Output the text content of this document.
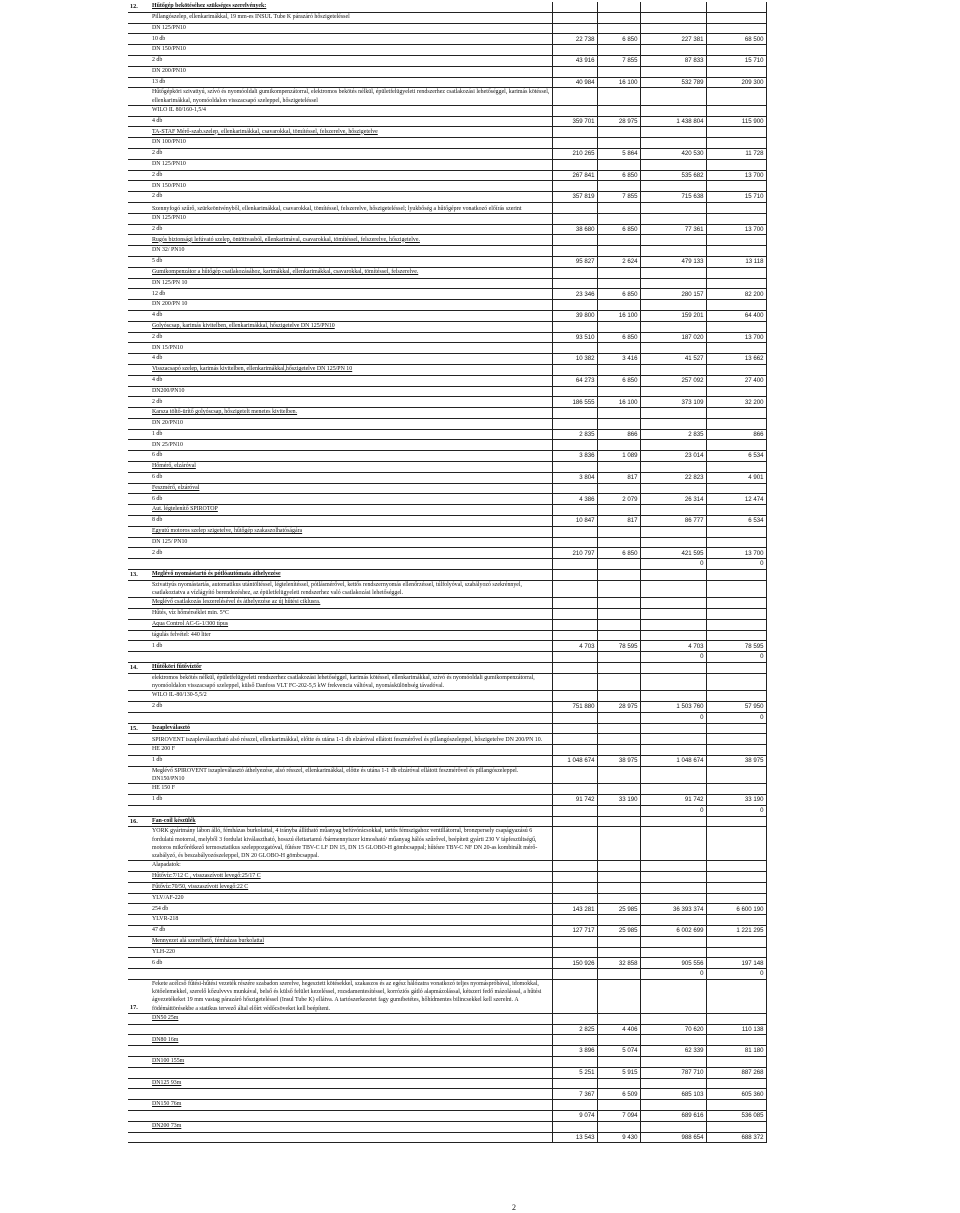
12.	Hűtőgép bekötéséhez szükséges szerelvények:				
	Pillangószelep, ellenkarimákkal, 19 mm-es INSUL Tube K párazáró hőszigeteléssel				
	DN 125/PN10				
	10 db	22 738	6 850	227 381	68 500
	DN 150/PN10				
	2 db	43 916	7 855	87 833	15 710
	DN 200/PN10				
	13 db	40 984	16 100	532 789	209 300
	Hűtőgépköri szivattyú, szívó és nyomóoldali gumikompenzátorral, elektromos bekötés nélkül, épületfelügyeleti rendszerhez csatlakozási lehetőséggel, karimás kötéssel, ellenkarimákkal, nyomóoldalon visszacsapó szeleppel, hőszigeteléssel				
	WILO IL 80/160-1,5/4				
	4 db	359 701	28 975	1 438 804	115 900
	TA-STAF Mérő-szab.szelep, ellenkarimákkal, csavarokkal, tömítéssel, felszerelve, hőszigetelve				
	DN 100/PN10				
	2 db	210 265	5 864	420 530	11 728
	DN 125/PN10				
	2 db	267 841	6 850	535 682	13 700
	DN 150/PN10				
	2 db	357 819	7 855	715 638	15 710
	Szennyfogó szűrő, szürkeöntvényből, ellenkarimákkal, csavarokkal, tömítéssel, felszerelve, hőszigeteléssel; lyukbőség a hűtőgépre vonatkozó előírás szerint				
	DN 125/PN10				
	2 db	38 680	6 850	77 361	13 700
	Rugós biztonsági lefúvató szelep, öntöttvasból, ellenkarimával, csavarokkal, tömítéssel, felszerelve, hőszigetelve.				
	DN 32/ PN10				
	5 db	95 827	2 624	479 133	13 118
	Gumikompenzátor a hűtőgép csatlakozásához, karimákkal, ellenkarimákkal, csavarokkal, tömítéssel, felszerelve.				
	DN 125/PN 10				
	12 db	23 346	6 850	280 157	82 200
	DN 200/PN 10				
	4 db	39 800	16 100	159 201	64 400
	Golyóscsap, karimás kivitelben, ellenkarimákkal, hőszigetelve DN 125/PN10				
	2 db	93 510	6 850	187 020	13 700
	DN 15/PN10				
	4 db	10 382	3 416	41 527	13 662
	Visszacsapó szelep, karimás kivitelben, ellenkarimákkal,hőszigetelve DN 125/PN 10				
	4 db	64 273	6 850	257 092	27 400
	DN200/PN10				
	2 db	186 555	16 100	373 109	32 200
	Karsza töltő-ürítő golyóscsap, hőszigetelt menetes kivitelben.				
	DN 20/PN10				
	1 db	2 835	866	2 835	866
	DN 25/PN10				
	6 db	3 836	1 089	23 014	6 534
	Hőmérő, elzáróval				
	6 db	3 804	817	22 823	4 901
	Feszmérő, elzáróval				
	6 db	4 386	2 079	26 314	12 474
	Aut. légtelenítő SPIROTOP				
	8 db	10 847	817	86 777	6 534
	Egyutú motoros szelep szigetelve, hűtőgép szakaszolhatóságára				
	DN 125/ PN10				
	2 db	210 797	6 850	421 595	13 700
				0	0
13.	Meglévő nyomástartó és pótlóautómata áthelyezése				
	Szivattyús nyomástartás, automatikus utántöltéssel, légtelenítéssel, pótlásmérővel, kettős rendszernyomás ellenőrzéssel, túlfolyóval, szabályozó szekrénnyel, csatlakoztatva a vízlágyító berendezéshez, az épületfelügyeleti rendszerhez való csatlakozási lehetőséggel.				
	Meglévő csatlakozás leszerelésével és áthelyezése az új hűtési ciklusra.				
	Hűtés, víz hőmérséklet min. 5°C				
	Aqua Control AC-G-1/300 típus				
	tágulás felvétel: 440 liter				
	1 db	4 703	78 595	4 703	78 595
				0	0
14.	Hűtőköri fűtővíztőr				
	elektromos bekötés nélkül, épületfelügyeleti rendszerhez csatlakozási lehetőséggel, karimás kötéssel, ellenkarimákkal, szívó és nyomóoldali gumikompenzátorral, nyomóoldalon visszacsapó szeleppel, külső Danfoss VLT FC-202-5,5 kW frekvencia váltóval, nyomáskülönbség távadóval.				
	WILO IL-80/130-5,5/2				
	2 db	751 880	28 975	1 503 760	57 950
				0	0
15.	Iszapleválasztó				
	SPIROVENT iszapleválasztható alsó résszel, ellenkarimákkal, előtte és utána 1-1 db elzáróval ellátott feszmérővel és pillangószeleppel, hőszigetelve DN 200/PN 10.				
	HE 200 F				
	1 db	1 048 674	38 975	1 048 674	38 975
	Meglévő SPIROVENT iszapleválasztó áthelyezése, alsó résszel, ellenkarimákkal, előtte és utána 1-1 db elzáróval ellátott feszmérővel és pillangószeleppel. DN150/PN10				
	HE 150 F				
	1 db	91 742	33 190	91 742	33 190
				0	0
16.	Fan-coil készülék				
	YORK gyártmány lábon álló, fémházas burkolattal, 4 irányba állítható műanyag befúvórácsokkal, tartós fémszigahoz ventillátorral, bronzpersely csapágyazású 6 fordulatú motorral, melyből 3 fordulat kiválasztható, hosszú élettartamú /bármennyiszer kimosható/ műanyag hálós szűrővel, beépített gyárti 230 V tápfeszültségű, motoros mikrőrétkező termosztatikus szeleppozgatóval, fűtésre TBV-C LF DN 15, DN 15 GLOBO-H gömbcsappal; hűtésre TBV-C NF DN 20-as kombinált mérő-szabályzó, és beszabályozószeleppel, DN 20 GLOBO-H gömbcsappal.				
	Alapadatok:				
	Hűtővíz:7/12 C , visszaszívott levegő:25/17 C				
	Fűtővíz:70/50, visszaszívott levegő:22 C				
	YLV/AF-220				
	254 db	143 281	25 985	36 393 374	6 600 190
	YLVR-218				
	47 db	127 717	25 985	6 002 699	1 221 295
	Mennyezet alá szerelhető, fémházas burkolattal				
	YLH-220				
	6 db	150 926	32 858	905 556	197 148
				0	0
17.	Fekete acélcső fűtési-hűtési vezeték részére szabadon szerelve, hegesztett kötésekkel, szakaszos és az egész hálózatra vonatkozó teljes nyomáspróbával, idomokkal, kötőelemekkel, szerelő kőzulvvvs munkával, belső és külső felület kezeléssel, rozsdamentesítéssel, korróziós gátló alapmázolással, kétszeri fedő mázolással, a hűtési ágvezetékeket 19 mm vastag párazáró hőszigeteléssel (Insul Tube K) ellátva. A tartószerkezetet fagy gumibetétes, hőhídmentes bilincsekkel kell szerelni. A födémáttörésekbe a statikus tervező által előírt védőcsöveket kell beépíteni.				
	DN50 25m				
		2 825	4 406	70 620	110 138
	DN80 16m				
		3 896	5 074	62 339	81 180
	DN100 155m				
		5 251	5 915	787 710	887 268
	DN125 93m				
		7 367	6 509	685 103	605 360
	DN150 76m				
		9 074	7 094	689 616	536 085
	DN200 73m				
		13 543	9 430	988 654	688 372
2
